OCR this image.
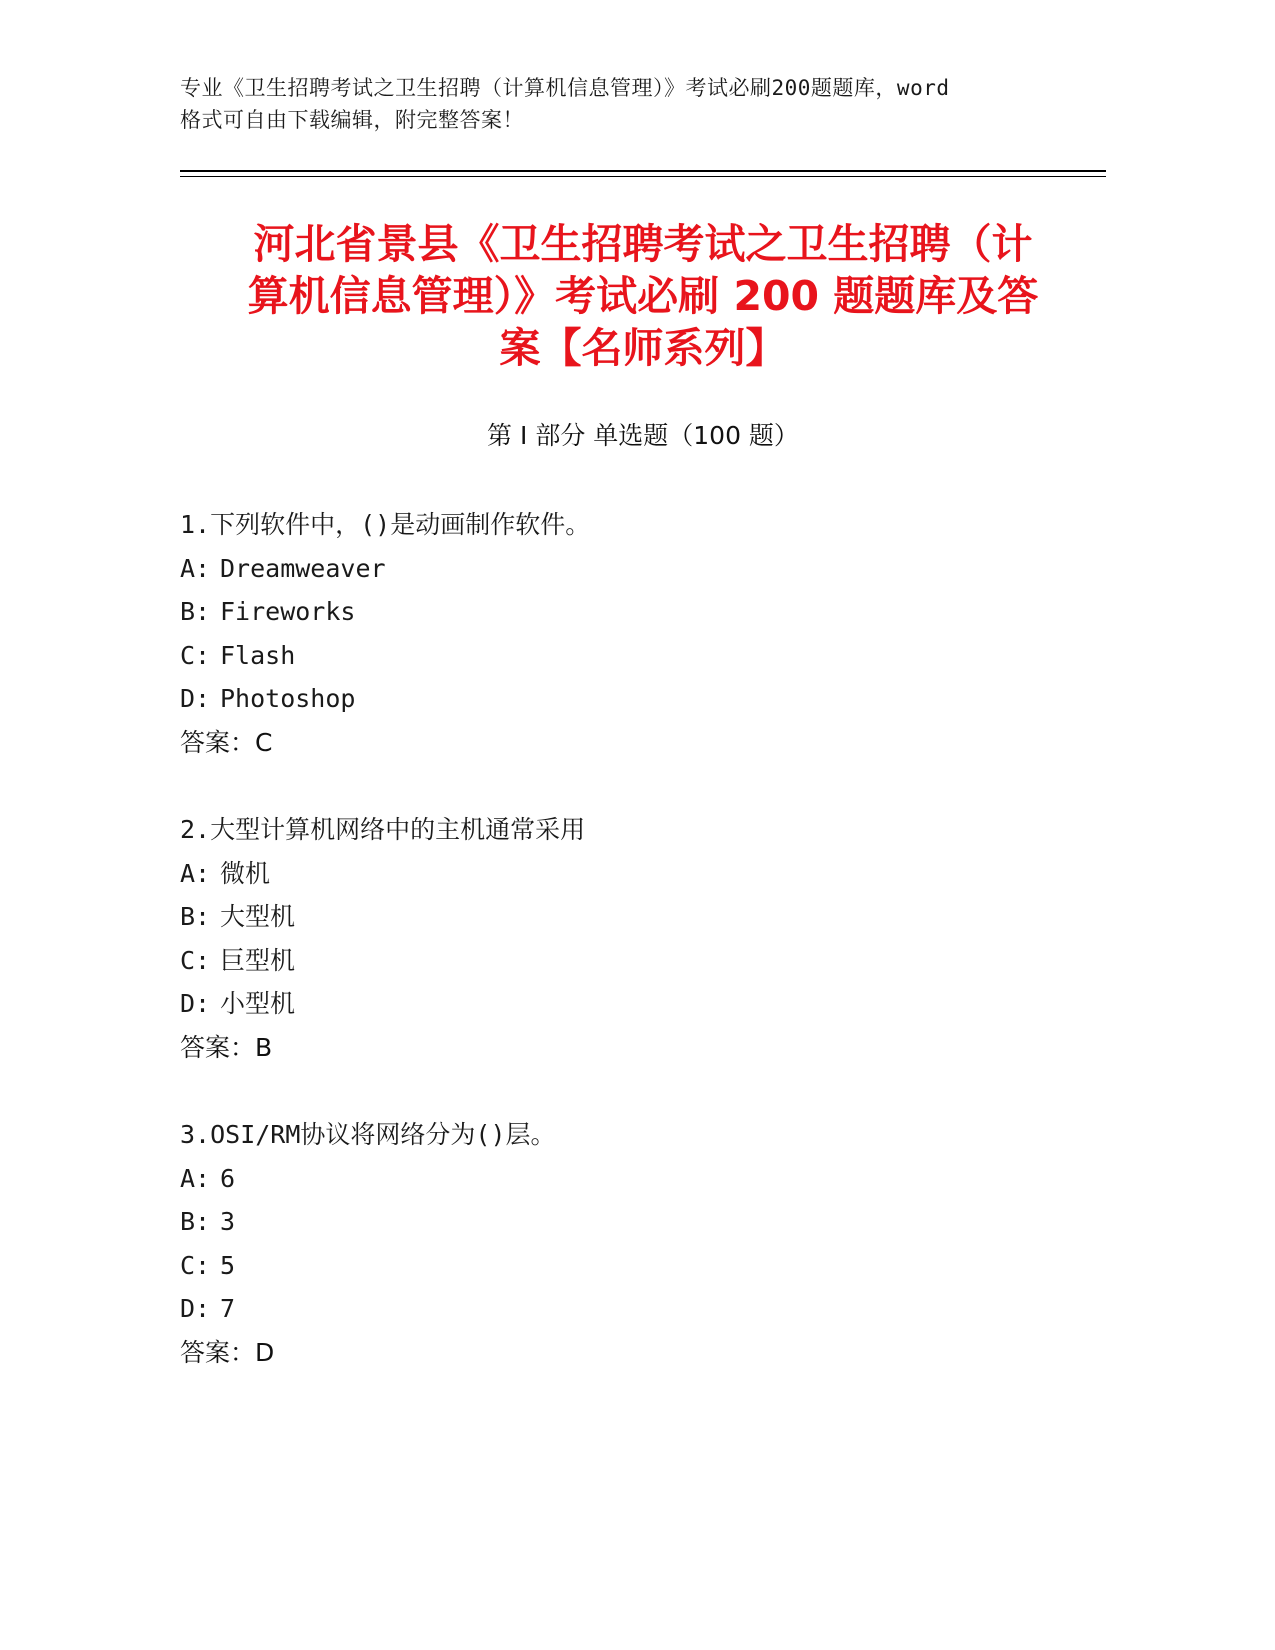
专业《卫生招聘考试之卫生招聘（计算机信息管理）》考试必刷200题题库，word
格式可自由下载编辑，附完整答案！
河北省景县《卫生招聘考试之卫生招聘（计
算机信息管理）》考试必刷 200 题题库及答
案【名师系列】
第 I 部分 单选题（100 题）
1.下列软件中，()是动画制作软件。
A: Dreamweaver
B: Fireworks
C: Flash
D: Photoshop
答案：C
2.大型计算机网络中的主机通常采用
A: 微机
B: 大型机
C: 巨型机
D: 小型机
答案：B
3.OSI/RM协议将网络分为()层。
A: 6
B: 3
C: 5
D: 7
答案：D
